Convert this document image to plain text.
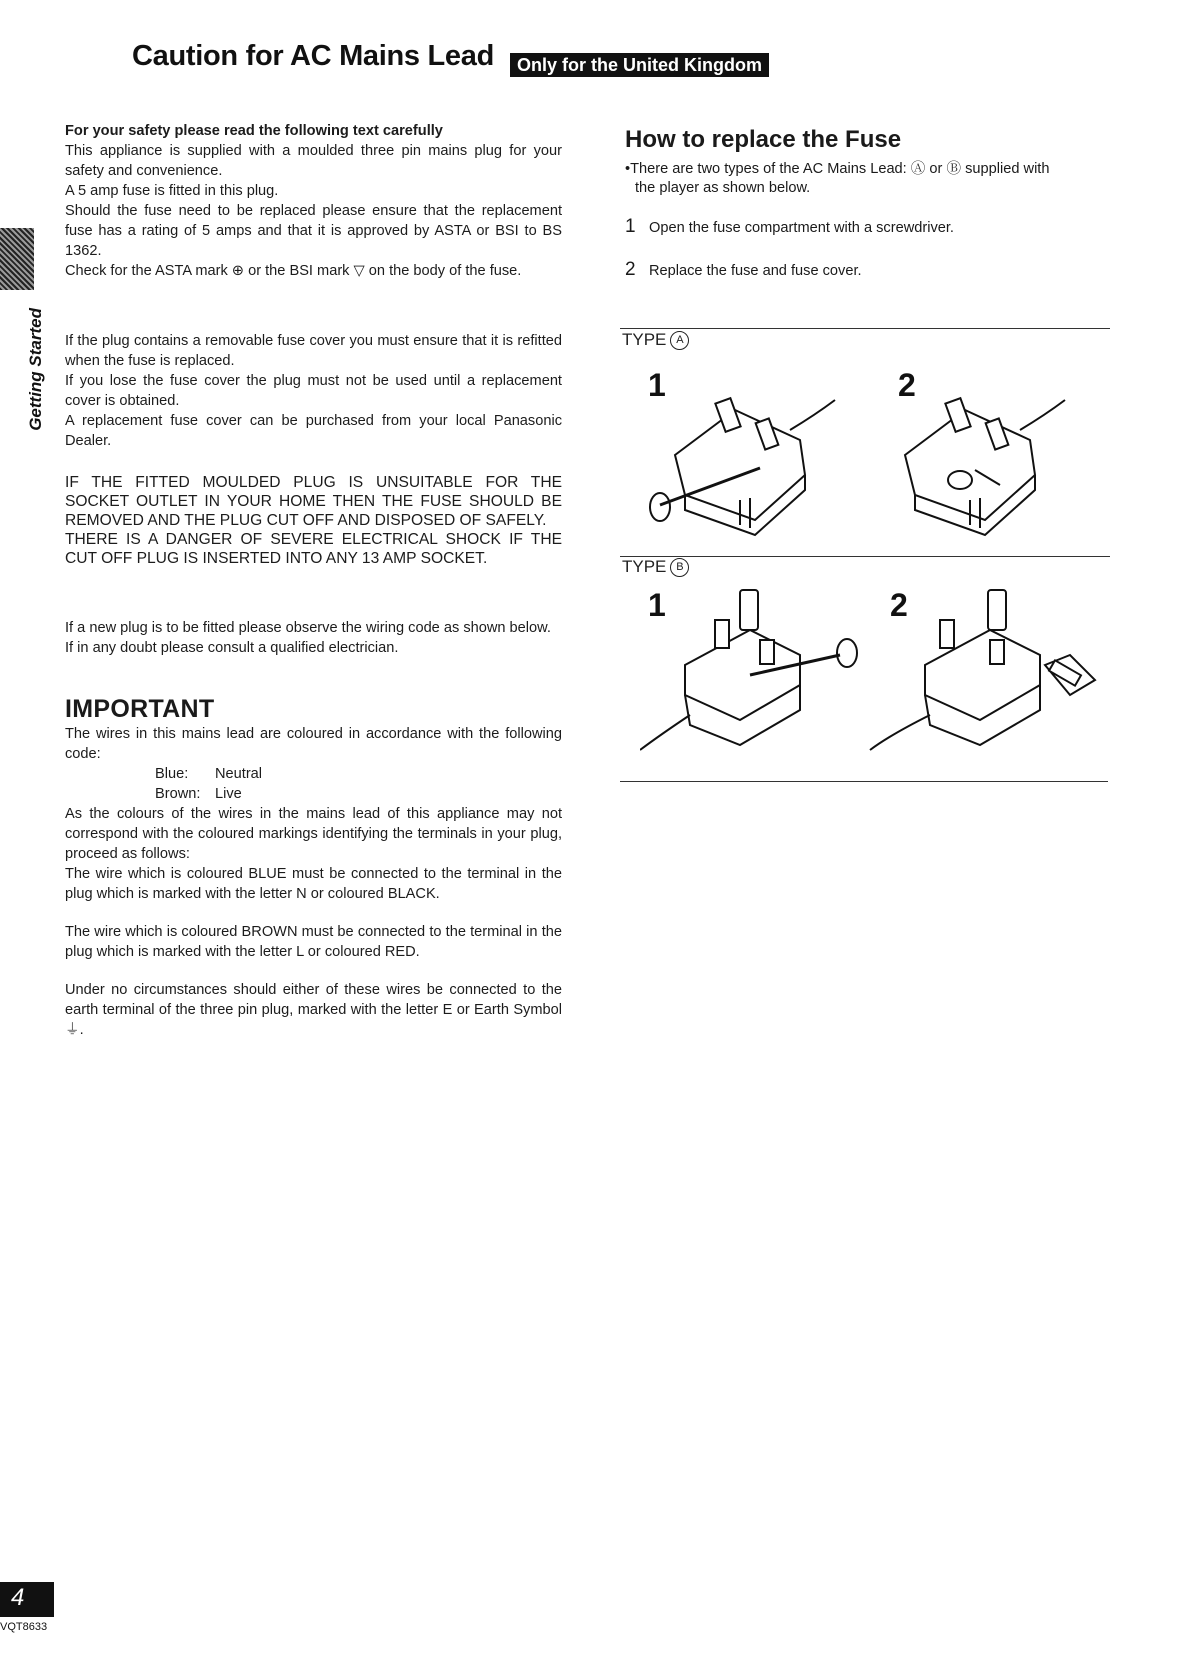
Caution for AC Mains Lead	Only for the United Kingdom
Getting Started
For your safety please read the following text carefully

This appliance is supplied with a moulded three pin mains plug for your safety and convenience.

A 5 amp fuse is fitted in this plug.

Should the fuse need to be replaced please ensure that the replacement fuse has a rating of 5 amps and that it is approved by ASTA or BSI to BS 1362.

Check for the ASTA mark ⊕ or the BSI mark ▽ on the body of the fuse.

If the plug contains a removable fuse cover you must ensure that it is refitted when the fuse is replaced.

If you lose the fuse cover the plug must not be used until a replacement cover is obtained.

A replacement fuse cover can be purchased from your local Panasonic Dealer.

IF THE FITTED MOULDED PLUG IS UNSUITABLE FOR THE SOCKET OUTLET IN YOUR HOME THEN THE FUSE SHOULD BE REMOVED AND THE PLUG CUT OFF AND DISPOSED OF SAFELY.

THERE IS A DANGER OF SEVERE ELECTRICAL SHOCK IF THE CUT OFF PLUG IS INSERTED INTO ANY 13 AMP SOCKET.

If a new plug is to be fitted please observe the wiring code as shown below.

If in any doubt please consult a qualified electrician.

IMPORTANT

The wires in this mains lead are coloured in accordance with the following code:

Blue: Neutral

Brown: Live

As the colours of the wires in the mains lead of this appliance may not correspond with the coloured markings identifying the terminals in your plug, proceed as follows:

The wire which is coloured BLUE must be connected to the terminal in the plug which is marked with the letter N or coloured BLACK.

The wire which is coloured BROWN must be connected to the terminal in the plug which is marked with the letter L or coloured RED.

Under no circumstances should either of these wires be connected to the earth terminal of the three pin plug, marked with the letter E or Earth Symbol ⏚.

How to replace the Fuse
•There are two types of the AC Mains Lead: Ⓐ or Ⓑ supplied with
the player as shown below.
1 Open the fuse compartment with a screwdriver.
2 Replace the fuse and fuse cover.
TYPE A
1	2
TYPE B
1	2
4
VQT8633
